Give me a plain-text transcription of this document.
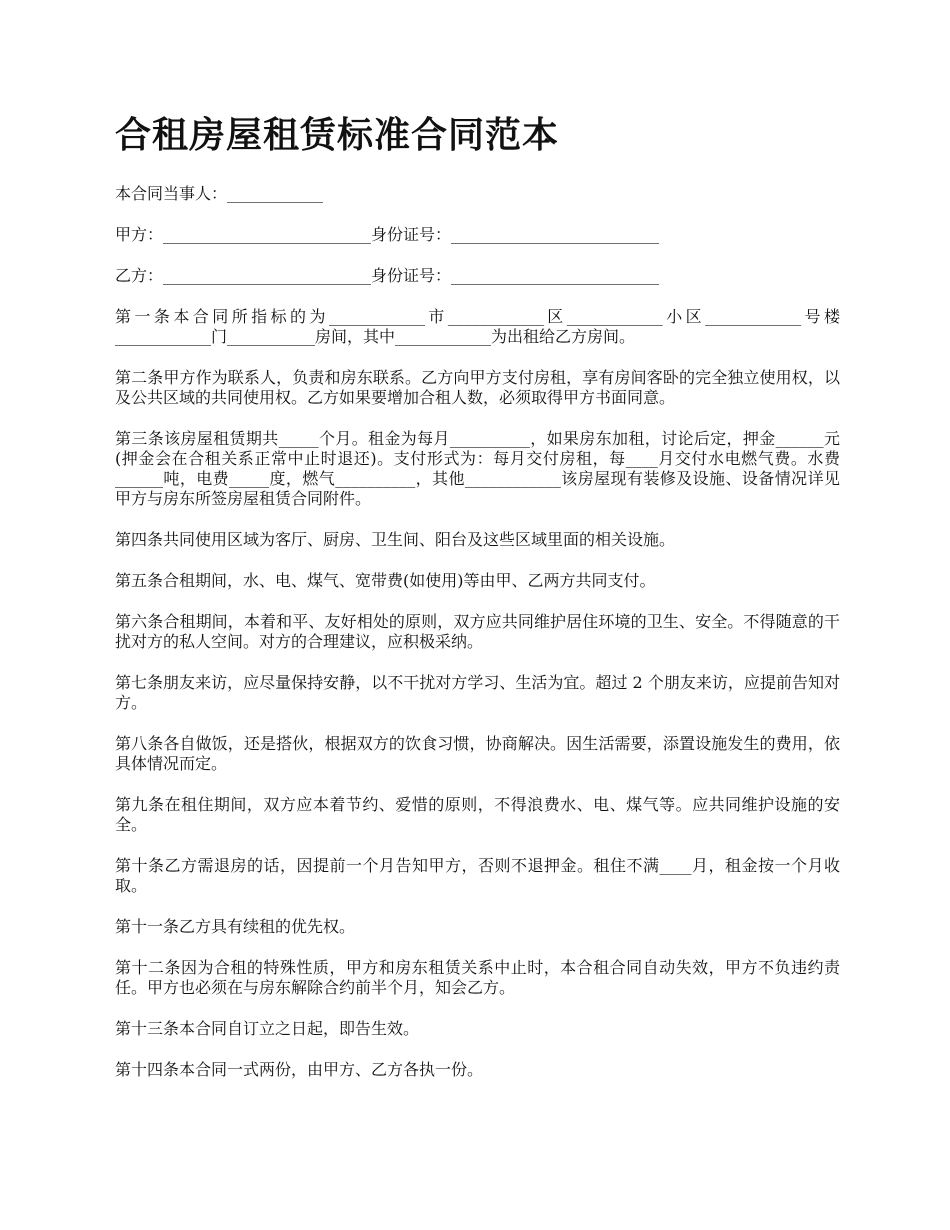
合租房屋租赁标准合同范本

本合同当事人：____________

甲方：__________________________身份证号：__________________________

乙方：__________________________身份证号：__________________________

第一条本合同所指标的为____________市____________区____________小区____________号楼____________门___________房间，其中____________为出租给乙方房间。

第二条甲方作为联系人，负责和房东联系。乙方向甲方支付房租，享有房间客卧的完全独立使用权，以及公共区域的共同使用权。乙方如果要增加合租人数，必须取得甲方书面同意。

第三条该房屋租赁期共_____个月。租金为每月__________，如果房东加租，讨论后定，押金______元(押金会在合租关系正常中止时退还)。支付形式为：每月交付房租，每____月交付水电燃气费。水费______吨，电费_____度，燃气__________，其他____________该房屋现有装修及设施、设备情况详见甲方与房东所签房屋租赁合同附件。

第四条共同使用区域为客厅、厨房、卫生间、阳台及这些区域里面的相关设施。

第五条合租期间，水、电、煤气、宽带费(如使用)等由甲、乙两方共同支付。

第六条合租期间，本着和平、友好相处的原则，双方应共同维护居住环境的卫生、安全。不得随意的干扰对方的私人空间。对方的合理建议，应积极采纳。

第七条朋友来访，应尽量保持安静，以不干扰对方学习、生活为宜。超过 2 个朋友来访，应提前告知对方。

第八条各自做饭，还是搭伙，根据双方的饮食习惯，协商解决。因生活需要，添置设施发生的费用，依具体情况而定。

第九条在租住期间，双方应本着节约、爱惜的原则，不得浪费水、电、煤气等。应共同维护设施的安全。

第十条乙方需退房的话，因提前一个月告知甲方，否则不退押金。租住不满____月，租金按一个月收取。

第十一条乙方具有续租的优先权。

第十二条因为合租的特殊性质，甲方和房东租赁关系中止时，本合租合同自动失效，甲方不负违约责任。甲方也必须在与房东解除合约前半个月，知会乙方。

第十三条本合同自订立之日起，即告生效。

第十四条本合同一式两份，由甲方、乙方各执一份。
